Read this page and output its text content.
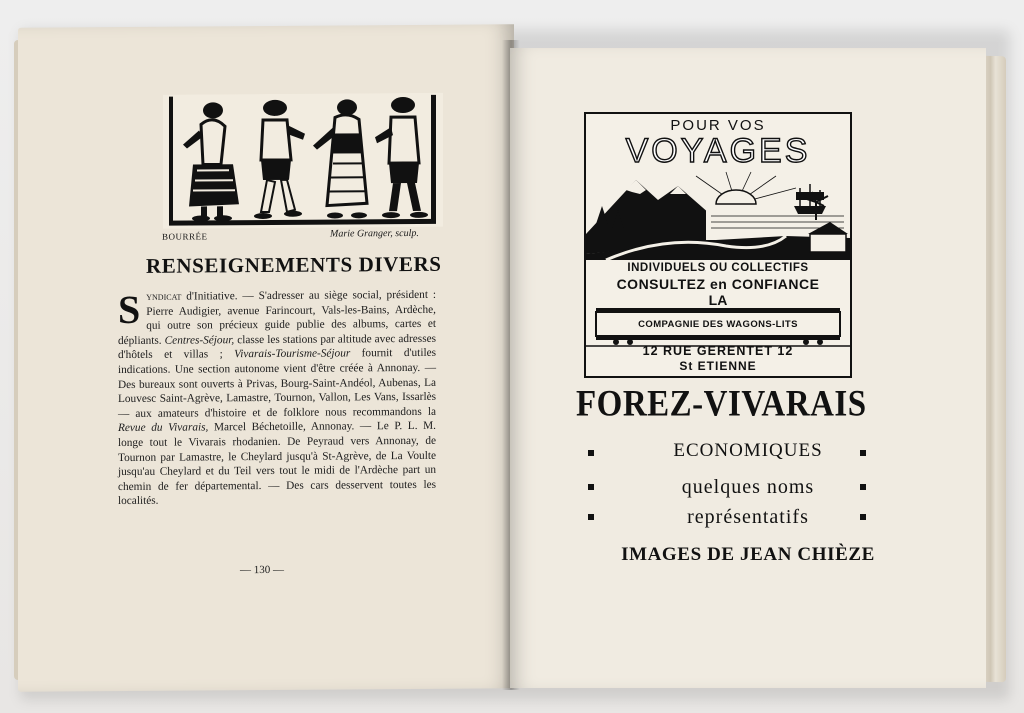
BOURRÉE	Marie Granger, sculp.
RENSEIGNEMENTS DIVERS
S yndicat d'Initiative. — S'adresser au siège social, président : Pierre Audigier, avenue Farincourt, Vals-les-Bains, Ardèche, qui outre son précieux guide publie des albums, cartes et dépliants. Centres-Séjour, classe les stations par altitude avec adresses d'hôtels et villas ; Vivarais-Tourisme-Séjour fournit d'utiles indications. Une section autonome vient d'être créée à Annonay. — Des bureaux sont ouverts à Privas, Bourg-Saint-Andéol, Aubenas, La Louvesc Saint-Agrève, Lamastre, Tournon, Vallon, Les Vans, Issarlès — aux amateurs d'histoire et de folklore nous recommandons la Revue du Vivarais, Marcel Béchetoille, Annonay. — Le P. L. M. longe tout le Vivarais rhodanien. De Peyraud vers Annonay, de Tournon par Lamastre, le Cheylard jusqu'à St-Agrève, de La Voulte jusqu'au Cheylard et du Teil vers tout le midi de l'Ardèche part un chemin de fer départemental. — Des cars desservent toutes les localités.
— 130 —
POUR VOS
VOYAGES
INDIVIDUELS OU COLLECTIFS
CONSULTEZ en CONFIANCE
LA
COMPAGNIE DES WAGONS-LITS
12 RUE GERENTET 12
St ETIENNE
FOREZ-VIVARAIS
ECONOMIQUES
quelques noms
représentatifs
IMAGES DE JEAN CHIÈZE
